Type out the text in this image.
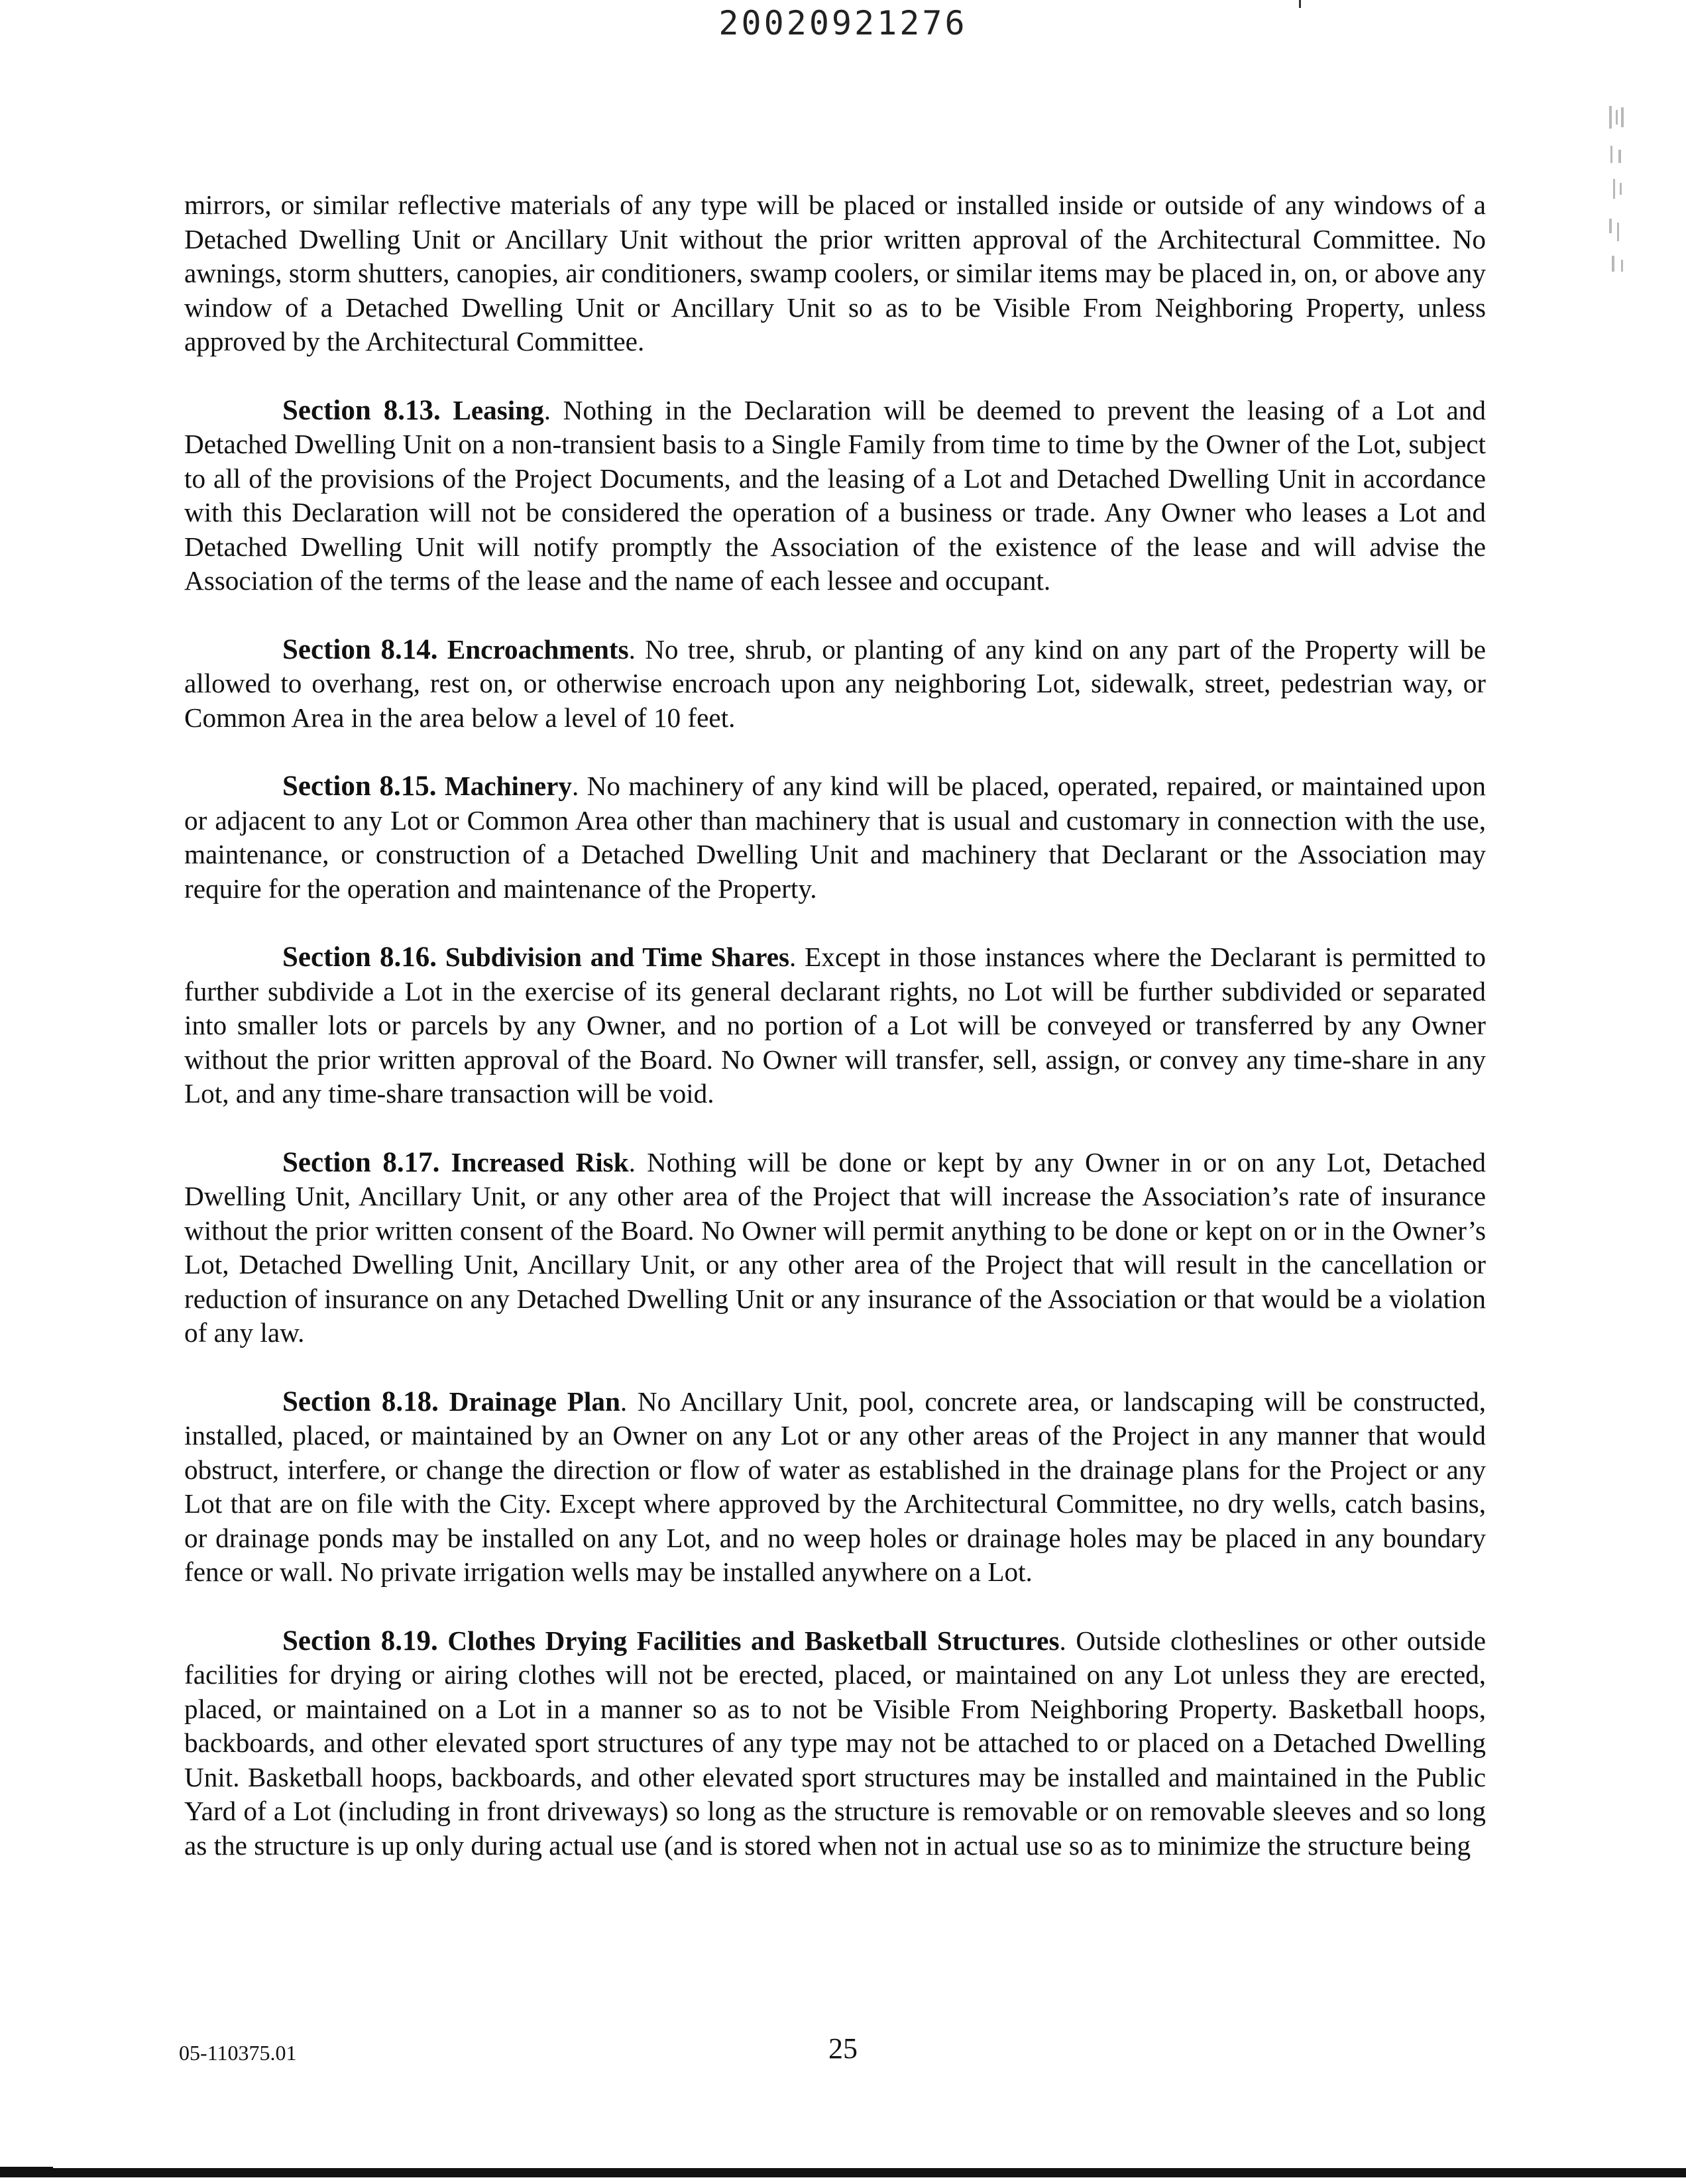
20020921276

mirrors, or similar reflective materials of any type will be placed or installed inside or outside of any windows of a Detached Dwelling Unit or Ancillary Unit without the prior written approval of the Architectural Committee. No awnings, storm shutters, canopies, air conditioners, swamp coolers, or similar items may be placed in, on, or above any window of a Detached Dwelling Unit or Ancillary Unit so as to be Visible From Neighboring Property, unless approved by the Architectural Committee.

Section 8.13. Leasing. Nothing in the Declaration will be deemed to prevent the leasing of a Lot and Detached Dwelling Unit on a non-transient basis to a Single Family from time to time by the Owner of the Lot, subject to all of the provisions of the Project Documents, and the leasing of a Lot and Detached Dwelling Unit in accordance with this Declaration will not be considered the operation of a business or trade. Any Owner who leases a Lot and Detached Dwelling Unit will notify promptly the Association of the existence of the lease and will advise the Association of the terms of the lease and the name of each lessee and occupant.

Section 8.14. Encroachments. No tree, shrub, or planting of any kind on any part of the Property will be allowed to overhang, rest on, or otherwise encroach upon any neighboring Lot, sidewalk, street, pedestrian way, or Common Area in the area below a level of 10 feet.

Section 8.15. Machinery. No machinery of any kind will be placed, operated, repaired, or maintained upon or adjacent to any Lot or Common Area other than machinery that is usual and customary in connection with the use, maintenance, or construction of a Detached Dwelling Unit and machinery that Declarant or the Association may require for the operation and maintenance of the Property.

Section 8.16. Subdivision and Time Shares. Except in those instances where the Declarant is permitted to further subdivide a Lot in the exercise of its general declarant rights, no Lot will be further subdivided or separated into smaller lots or parcels by any Owner, and no portion of a Lot will be conveyed or transferred by any Owner without the prior written approval of the Board. No Owner will transfer, sell, assign, or convey any time-share in any Lot, and any time-share transaction will be void.

Section 8.17. Increased Risk. Nothing will be done or kept by any Owner in or on any Lot, Detached Dwelling Unit, Ancillary Unit, or any other area of the Project that will increase the Association’s rate of insurance without the prior written consent of the Board. No Owner will permit anything to be done or kept on or in the Owner’s Lot, Detached Dwelling Unit, Ancillary Unit, or any other area of the Project that will result in the cancellation or reduction of insurance on any Detached Dwelling Unit or any insurance of the Association or that would be a violation of any law.

Section 8.18. Drainage Plan. No Ancillary Unit, pool, concrete area, or landscaping will be constructed, installed, placed, or maintained by an Owner on any Lot or any other areas of the Project in any manner that would obstruct, interfere, or change the direction or flow of water as established in the drainage plans for the Project or any Lot that are on file with the City. Except where approved by the Architectural Committee, no dry wells, catch basins, or drainage ponds may be installed on any Lot, and no weep holes or drainage holes may be placed in any boundary fence or wall. No private irrigation wells may be installed anywhere on a Lot.

Section 8.19. Clothes Drying Facilities and Basketball Structures. Outside clotheslines or other outside facilities for drying or airing clothes will not be erected, placed, or maintained on any Lot unless they are erected, placed, or maintained on a Lot in a manner so as to not be Visible From Neighboring Property. Basketball hoops, backboards, and other elevated sport structures of any type may not be attached to or placed on a Detached Dwelling Unit. Basketball hoops, backboards, and other elevated sport structures may be installed and maintained in the Public Yard of a Lot (including in front driveways) so long as the structure is removable or on removable sleeves and so long as the structure is up only during actual use (and is stored when not in actual use so as to minimize the structure being

05-110375.01	25
